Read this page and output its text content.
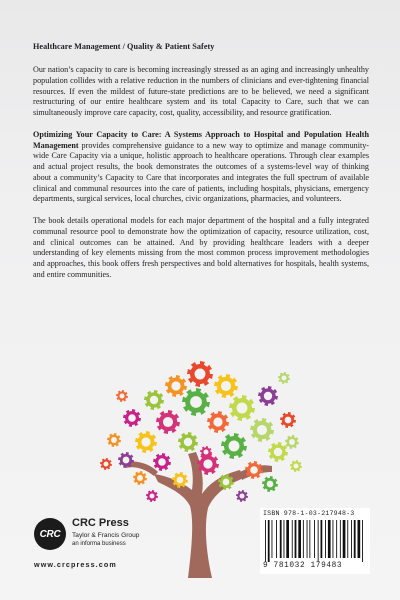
Healthcare Management / Quality & Patient Safety

Our nation’s capacity to care is becoming increasingly stressed as an aging and increasingly unhealthy population collides with a relative reduction in the numbers of clinicians and ever-tightening financial resources. If even the mildest of future-state predictions are to be believed, we need a significant restructuring of our entire healthcare system and its total Capacity to Care, such that we can simultaneously improve care capacity, cost, quality, accessibility, and resource gratification.

Optimizing Your Capacity to Care: A Systems Approach to Hospital and Population Health Management provides comprehensive guidance to a new way to optimize and manage community-wide Care Capacity via a unique, holistic approach to healthcare operations. Through clear examples and actual project results, the book demonstrates the outcomes of a systems-level way of thinking about a community’s Capacity to Care that incorporates and integrates the full spectrum of available clinical and communal resources into the care of patients, including hospitals, physicians, emergency departments, surgical services, local churches, civic organizations, pharmacies, and volunteers.

The book details operational models for each major department of the hospital and a fully integrated communal resource pool to demonstrate how the optimization of capacity, resource utilization, cost, and clinical outcomes can be attained. And by providing healthcare leaders with a deeper understanding of key elements missing from the most common process improvement methodologies and approaches, this book offers fresh perspectives and bold alternatives for hospitals, health systems, and entire communities.

CRC
CRC Press
Taylor & Francis Group
an informa business
www.crcpress.com
ISBN 978-1-03-217948-3
9 781032 179483
